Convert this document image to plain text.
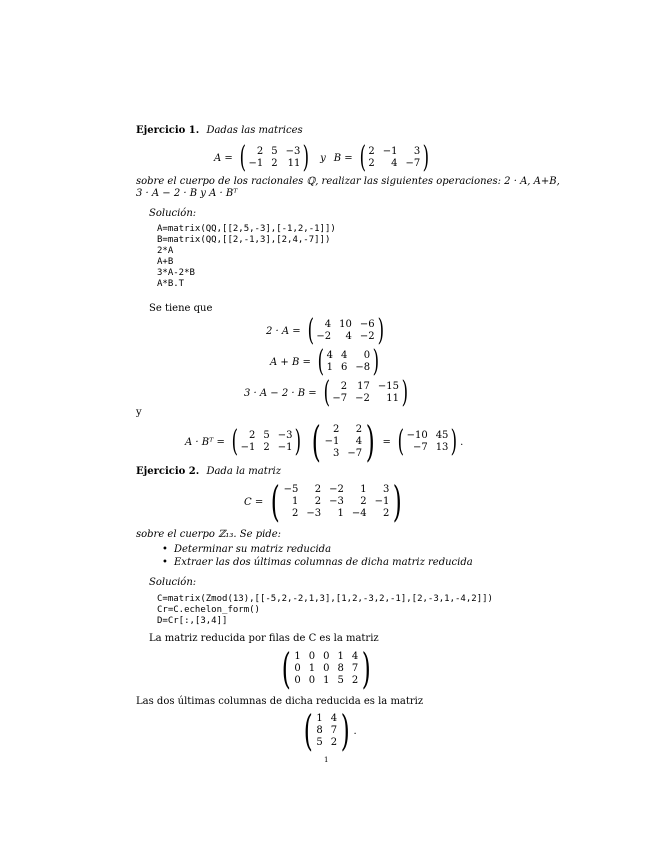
Ejercicio 1. Dadas las matrices
A = (	2 5 −3
−1 2 11 ) y B = ( 2 −1	3
2	4 −7 )
sobre el cuerpo de los racionales ℚ, realizar las siguientes operaciones: 2 · A, A+B,
3 · A − 2 · B y A · Bᵀ
Solución:
A=matrix(QQ,[[2,5,-3],[-1,2,-1]])
B=matrix(QQ,[[2,-1,3],[2,4,-7]])
2*A
A+B
3*A-2*B
A*B.T
Se tiene que
2 · A = (	4 10 −6
−2	4 −2 )
A + B = ( 4 4	0
1 6 −8 )
3 · A − 2 · B = (	2 17 −15
−7 −2	11 )
y
A · Bᵀ = (	2 5 −3
−1 2 −1 ) (	2	2
−1	4
3 −7 ) = ( −10 45
−7 13 ) .
Ejercicio 2. Dada la matriz
C = ( −5	2 −2	1	3
1	2 −3	2 −1
2 −3	1 −4	2 )
sobre el cuerpo ℤ₁₃. Se pide:
• Determinar su matriz reducida
• Extraer las dos últimas columnas de dicha matriz reducida
Solución:
C=matrix(Zmod(13),[[-5,2,-2,1,3],[1,2,-3,2,-1],[2,-3,1,-4,2]])
Cr=C.echelon_form()
D=Cr[:,[3,4]]
La matriz reducida por filas de C es la matriz
( 1 0 0 1 4
0 1 0 8 7
0 0 1 5 2 )
Las dos últimas columnas de dicha reducida es la matriz
( 1 4
8 7
5 2 ) .
1
